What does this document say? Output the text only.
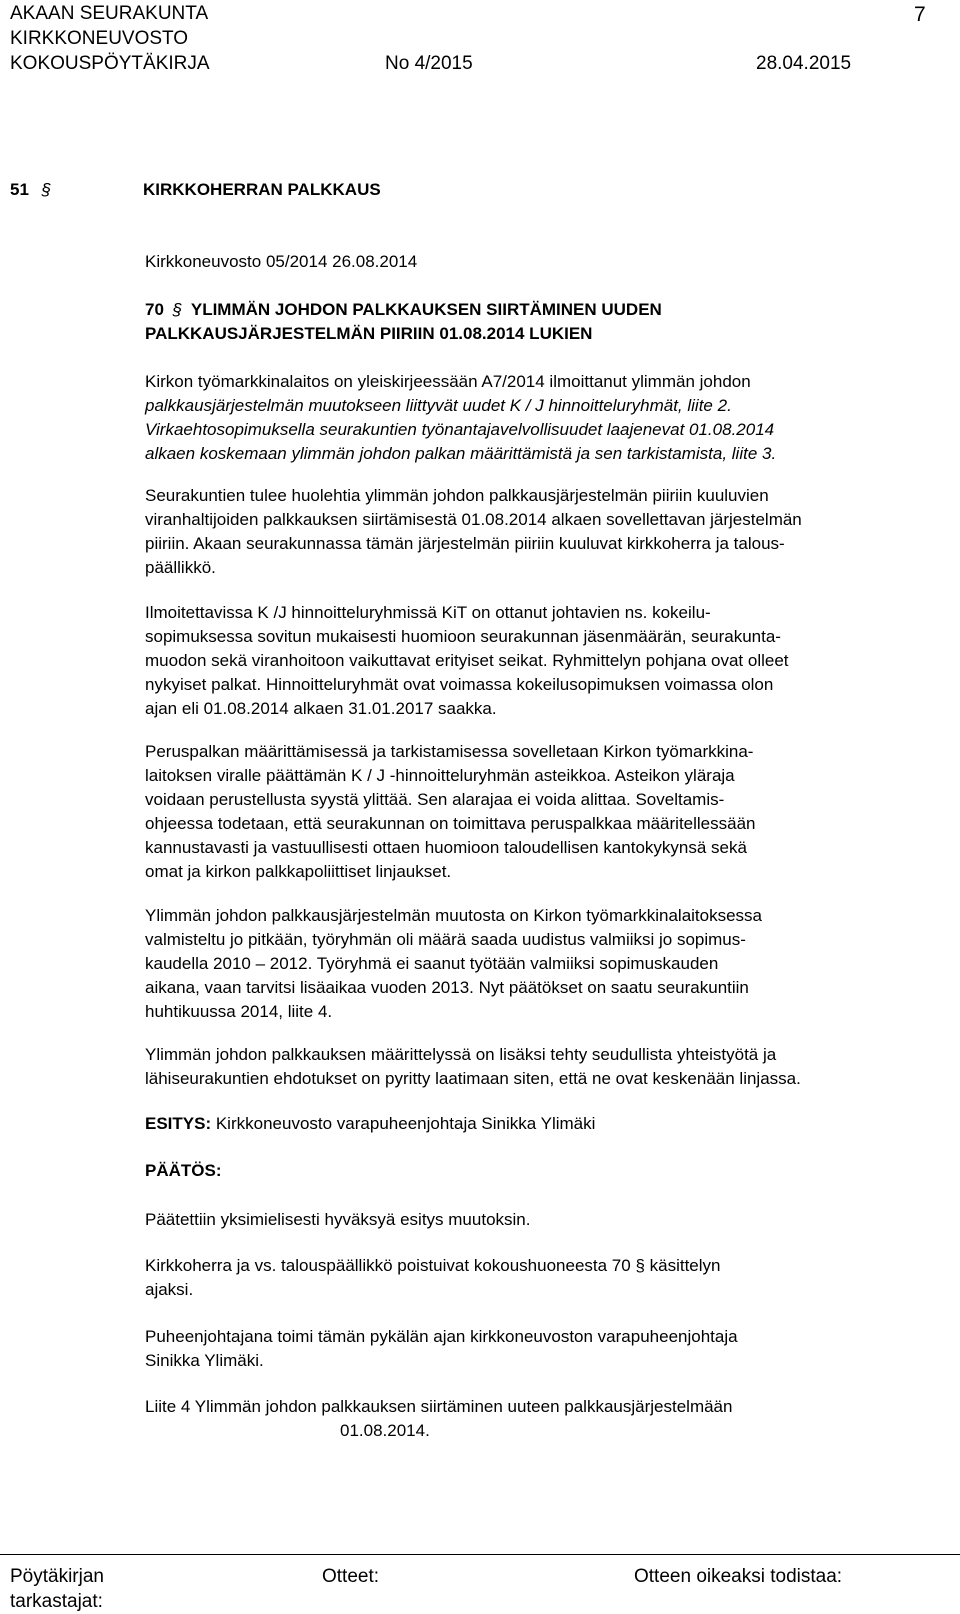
AKAAN SEURAKUNTA
KIRKKONEUVOSTO
KOKOUSPÖYTÄKIRJA	No 4/2015	28.04.2015
7
51 §	KIRKKOHERRAN PALKKAUS
Kirkkoneuvosto 05/2014 26.08.2014
70 § YLIMMÄN JOHDON PALKKAUKSEN SIIRTÄMINEN UUDEN
PALKKAUSJÄRJESTELMÄN PIIRIIN 01.08.2014 LUKIEN
Kirkon työmarkkinalaitos on yleiskirjeessään A7/2014 ilmoittanut ylimmän johdon
palkkausjärjestelmän muutokseen liittyvät uudet K / J hinnoitteluryhmät, liite 2.
Virkaehtosopimuksella seurakuntien työnantajavelvollisuudet laajenevat 01.08.2014
alkaen koskemaan ylimmän johdon palkan määrittämistä ja sen tarkistamista, liite 3.
Seurakuntien tulee huolehtia ylimmän johdon palkkausjärjestelmän piiriin kuuluvien
viranhaltijoiden palkkauksen siirtämisestä 01.08.2014 alkaen sovellettavan järjestelmän
piiriin. Akaan seurakunnassa tämän järjestelmän piiriin kuuluvat kirkkoherra ja talous-
päällikkö.
Ilmoitettavissa K /J hinnoitteluryhmissä KiT on ottanut johtavien ns. kokeilu-
sopimuksessa sovitun mukaisesti huomioon seurakunnan jäsenmäärän, seurakunta-
muodon sekä viranhoitoon vaikuttavat erityiset seikat. Ryhmittelyn pohjana ovat olleet
nykyiset palkat. Hinnoitteluryhmät ovat voimassa kokeilusopimuksen voimassa olon
ajan eli 01.08.2014 alkaen 31.01.2017 saakka.
Peruspalkan määrittämisessä ja tarkistamisessa sovelletaan Kirkon työmarkkina-
laitoksen viralle päättämän K / J -hinnoitteluryhmän asteikkoa. Asteikon yläraja
voidaan perustellusta syystä ylittää. Sen alarajaa ei voida alittaa. Soveltamis-
ohjeessa todetaan, että seurakunnan on toimittava peruspalkkaa määritellessään
kannustavasti ja vastuullisesti ottaen huomioon taloudellisen kantokykynsä sekä
omat ja kirkon palkkapoliittiset linjaukset.
Ylimmän johdon palkkausjärjestelmän muutosta on Kirkon työmarkkinalaitoksessa
valmisteltu jo pitkään, työryhmän oli määrä saada uudistus valmiiksi jo sopimus-
kaudella 2010 – 2012. Työryhmä ei saanut työtään valmiiksi sopimuskauden
aikana, vaan tarvitsi lisäaikaa vuoden 2013. Nyt päätökset on saatu seurakuntiin
huhtikuussa 2014, liite 4.
Ylimmän johdon palkkauksen määrittelyssä on lisäksi tehty seudullista yhteistyötä ja
lähiseurakuntien ehdotukset on pyritty laatimaan siten, että ne ovat keskenään linjassa.
ESITYS: Kirkkoneuvosto varapuheenjohtaja Sinikka Ylimäki
PÄÄTÖS:
Päätettiin yksimielisesti hyväksyä esitys muutoksin.
Kirkkoherra ja vs. talouspäällikkö poistuivat kokoushuoneesta 70 § käsittelyn
ajaksi.
Puheenjohtajana toimi tämän pykälän ajan kirkkoneuvoston varapuheenjohtaja
Sinikka Ylimäki.
Liite 4 Ylimmän johdon palkkauksen siirtäminen uuteen palkkausjärjestelmään
01.08.2014.
Pöytäkirjan
tarkastajat:
Otteet:	Otteen oikeaksi todistaa:
